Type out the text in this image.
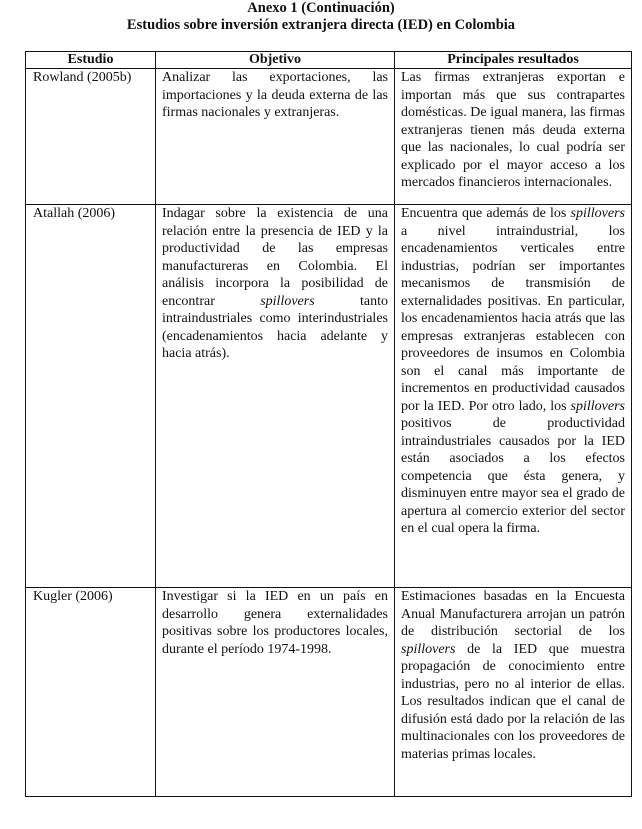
Anexo 1 (Continuación)
Estudios sobre inversión extranjera directa (IED) en Colombia
Estudio	Objetivo	Principales resultados
Rowland (2005b)	Analizar las exportaciones, las importaciones y la deuda externa de las firmas nacionales y extranjeras.	Las firmas extranjeras exportan e importan más que sus contrapartes domésticas. De igual manera, las firmas extranjeras tienen más deuda externa que las nacionales, lo cual podría ser explicado por el mayor acceso a los mercados financieros internacionales.
Atallah (2006)	Indagar sobre la existencia de una relación entre la presencia de IED y la productividad de las empresas manufactureras en Colombia. El análisis incorpora la posibilidad de encontrar spillovers tanto intraindustriales como interindustriales (encadenamientos hacia adelante y hacia atrás).	Encuentra que además de los spillovers a nivel intraindustrial, los encadenamientos verticales entre industrias, podrían ser importantes mecanismos de transmisión de externalidades positivas. En particular, los encadenamientos hacia atrás que las empresas extranjeras establecen con proveedores de insumos en Colombia son el canal más importante de incrementos en productividad causados por la IED. Por otro lado, los spillovers positivos de productividad intraindustriales causados por la IED están asociados a los efectos competencia que ésta genera, y disminuyen entre mayor sea el grado de apertura al comercio exterior del sector en el cual opera la firma.
Kugler (2006)	Investigar si la IED en un país en desarrollo genera externalidades positivas sobre los productores locales, durante el período 1974-1998.	Estimaciones basadas en la Encuesta Anual Manufacturera arrojan un patrón de distribución sectorial de los spillovers de la IED que muestra propagación de conocimiento entre industrias, pero no al interior de ellas. Los resultados indican que el canal de difusión está dado por la relación de las multinacionales con los proveedores de materias primas locales.
